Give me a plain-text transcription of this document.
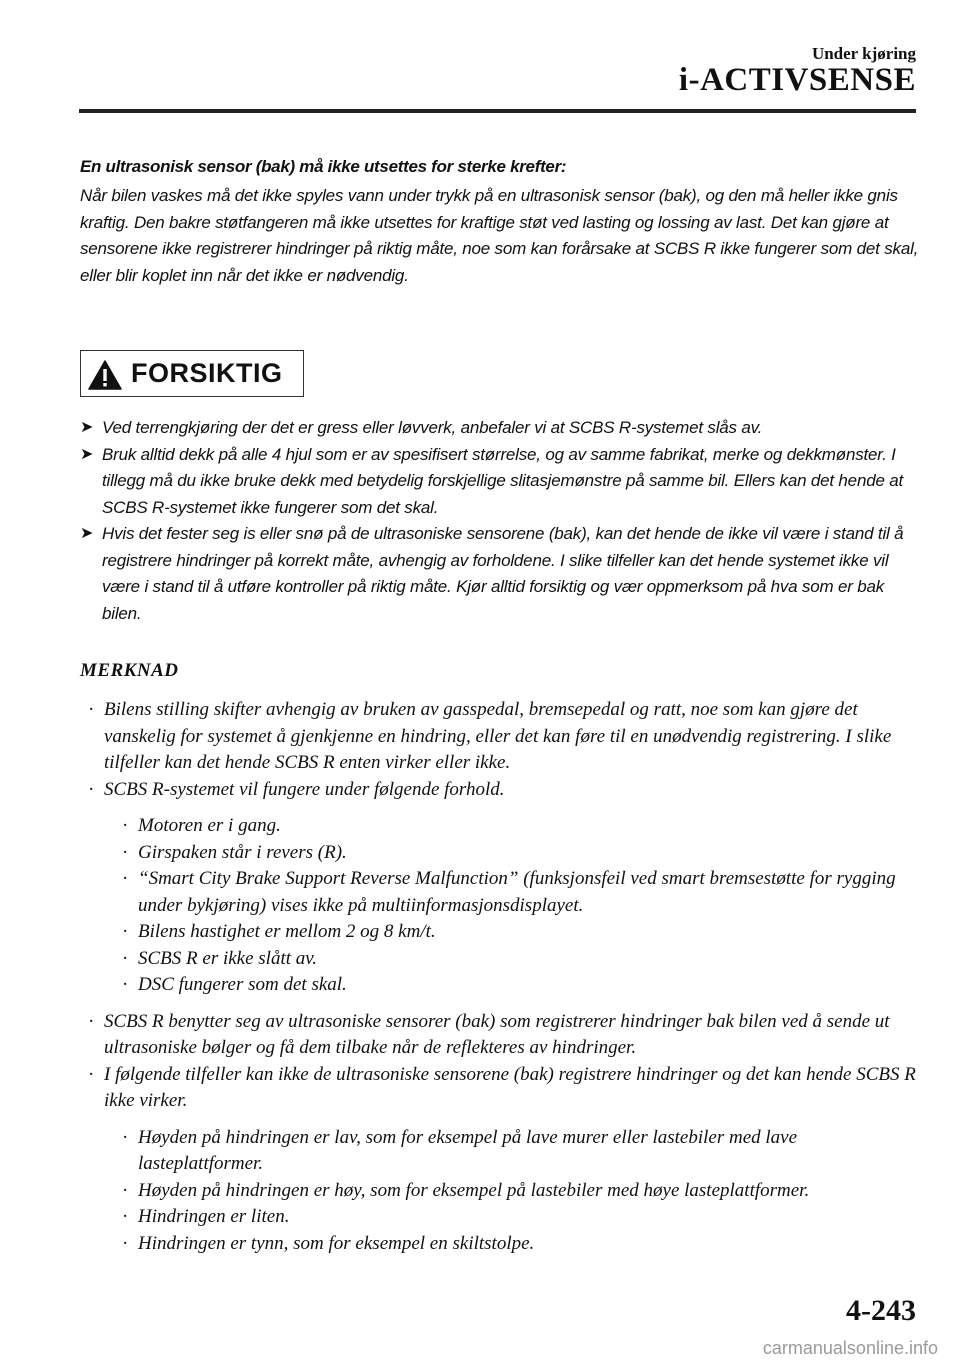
Under kjøring
i-ACTIVSENSE
En ultrasonisk sensor (bak) må ikke utsettes for sterke krefter:

Når bilen vaskes må det ikke spyles vann under trykk på en ultrasonisk sensor (bak), og den må heller ikke gnis kraftig. Den bakre støtfangeren må ikke utsettes for kraftige støt ved lasting og lossing av last. Det kan gjøre at sensorene ikke registrerer hindringer på riktig måte, noe som kan forårsake at SCBS R ikke fungerer som det skal, eller blir koplet inn når det ikke er nødvendig.

FORSIKTIG
➤ Ved terrengkjøring der det er gress eller løvverk, anbefaler vi at SCBS R-systemet slås av.
➤ Bruk alltid dekk på alle 4 hjul som er av spesifisert størrelse, og av samme fabrikat, merke og dekkmønster. I tillegg må du ikke bruke dekk med betydelig forskjellige slitasjemønstre på samme bil. Ellers kan det hende at SCBS R-systemet ikke fungerer som det skal.
➤ Hvis det fester seg is eller snø på de ultrasoniske sensorene (bak), kan det hende de ikke vil være i stand til å registrere hindringer på korrekt måte, avhengig av forholdene. I slike tilfeller kan det hende systemet ikke vil være i stand til å utføre kontroller på riktig måte. Kjør alltid forsiktig og vær oppmerksom på hva som er bak bilen.
MERKNAD
· Bilens stilling skifter avhengig av bruken av gasspedal, bremsepedal og ratt, noe som kan gjøre det vanskelig for systemet å gjenkjenne en hindring, eller det kan føre til en unødvendig registrering. I slike tilfeller kan det hende SCBS R enten virker eller ikke.
· SCBS R-systemet vil fungere under følgende forhold.
· Motoren er i gang.
· Girspaken står i revers (R).
· “Smart City Brake Support Reverse Malfunction” (funksjonsfeil ved smart bremsestøtte for rygging under bykjøring) vises ikke på multiinformasjonsdisplayet.
· Bilens hastighet er mellom 2 og 8 km/t.
· SCBS R er ikke slått av.
· DSC fungerer som det skal.
· SCBS R benytter seg av ultrasoniske sensorer (bak) som registrerer hindringer bak bilen ved å sende ut ultrasoniske bølger og få dem tilbake når de reflekteres av hindringer.
· I følgende tilfeller kan ikke de ultrasoniske sensorene (bak) registrere hindringer og det kan hende SCBS R ikke virker.
· Høyden på hindringen er lav, som for eksempel på lave murer eller lastebiler med lave lasteplattformer.
· Høyden på hindringen er høy, som for eksempel på lastebiler med høye lasteplattformer.
· Hindringen er liten.
· Hindringen er tynn, som for eksempel en skiltstolpe.
4-243
carmanualsonline.info
